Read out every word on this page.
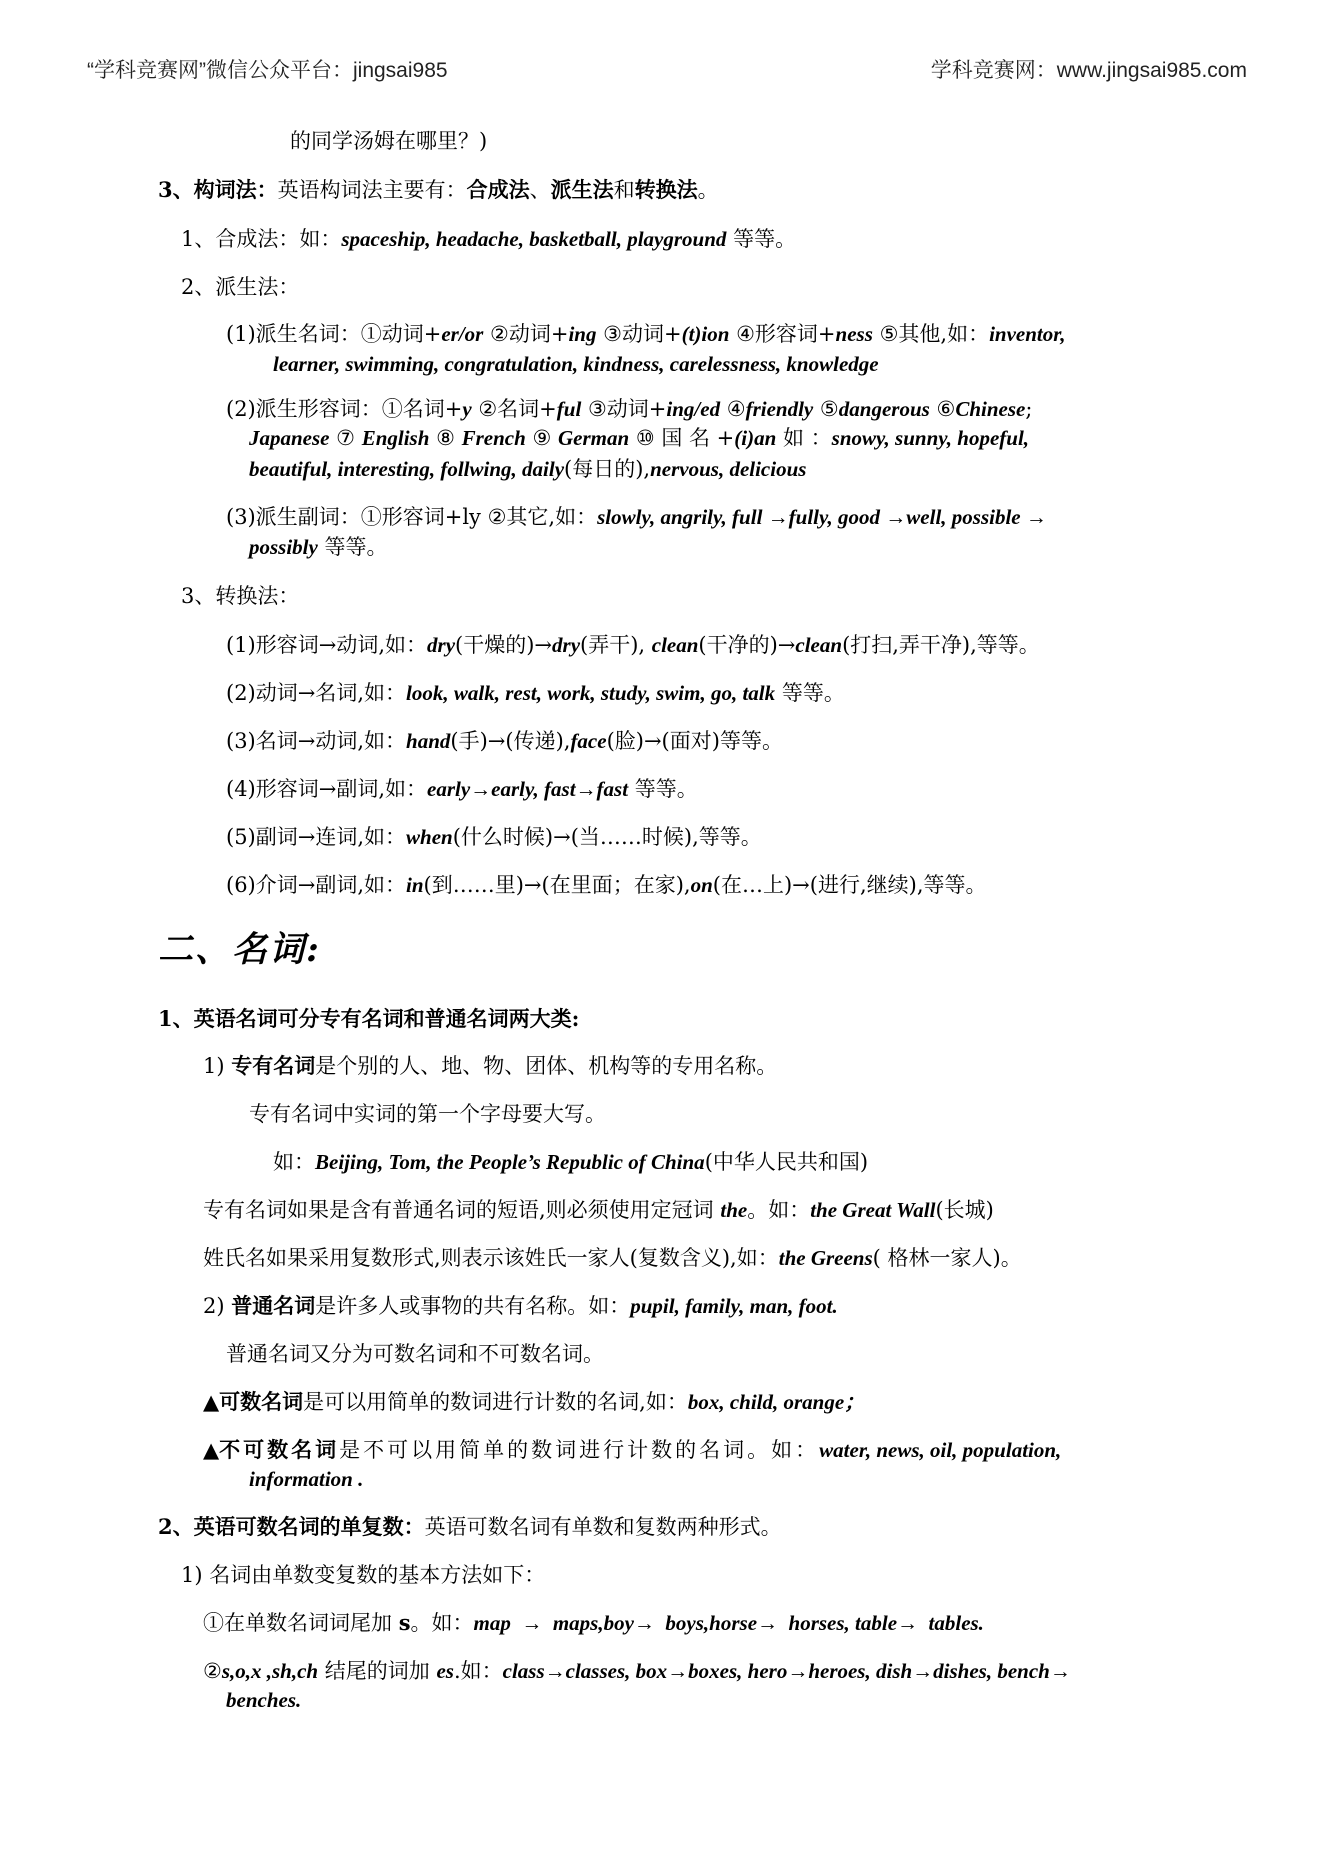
“学科竞赛网”微信公众平台：jingsai985	学科竞赛网：www.jingsai985.com
的同学汤姆在哪里？)
3、构词法：英语构词法主要有：合成法、派生法和转换法。
1、合成法：如：spaceship, headache, basketball, playground 等等。
2、派生法：
(1)派生名词：①动词+er/or ②动词+ing ③动词+(t)ion ④形容词+ness ⑤其他,如：inventor,
learner, swimming, congratulation, kindness, carelessness, knowledge
(2)派生形容词：①名词+y ②名词+ful ③动词+ing/ed ④friendly ⑤dangerous ⑥Chinese;
Japanese ⑦ English ⑧ French ⑨ German ⑩ 国 名 +(i)an 如 ：snowy, sunny, hopeful,
beautiful, interesting, follwing, daily(每日的),nervous, delicious
(3)派生副词：①形容词+ly ②其它,如：slowly, angrily, full →fully, good →well, possible →
possibly 等等。
3、转换法：
(1)形容词→动词,如：dry(干燥的)→dry(弄干), clean(干净的)→clean(打扫,弄干净),等等。
(2)动词→名词,如：look, walk, rest, work, study, swim, go, talk 等等。
(3)名词→动词,如：hand(手)→(传递),face(脸)→(面对)等等。
(4)形容词→副词,如：early→early, fast→fast 等等。
(5)副词→连词,如：when(什么时候)→(当……时候),等等。
(6)介词→副词,如：in(到……里)→(在里面；在家),on(在…上)→(进行,继续),等等。
二、名词:
1、英语名词可分专有名词和普通名词两大类:
1) 专有名词是个别的人、地、物、团体、机构等的专用名称。
专有名词中实词的第一个字母要大写。
如：Beijing, Tom, the People’s Republic of China(中华人民共和国)
专有名词如果是含有普通名词的短语,则必须使用定冠词 the。如：the Great Wall(长城)
姓氏名如果采用复数形式,则表示该姓氏一家人(复数含义),如：the Greens( 格林一家人)。
2) 普通名词是许多人或事物的共有名称。如：pupil, family, man, foot.
普通名词又分为可数名词和不可数名词。
▲可数名词是可以用简单的数词进行计数的名词,如：box, child, orange；
▲不可数名词是不可以用简单的数词进行计数的名词。如：water, news, oil, population,
information .
2、英语可数名词的单复数：英语可数名词有单数和复数两种形式。
1) 名词由单数变复数的基本方法如下：
①在单数名词词尾加 s。如：map  →  maps,boy→  boys,horse→  horses, table→  tables.
②s,o,x ,sh,ch 结尾的词加 es.如：class→classes, box→boxes, hero→heroes, dish→dishes, bench→
benches.
